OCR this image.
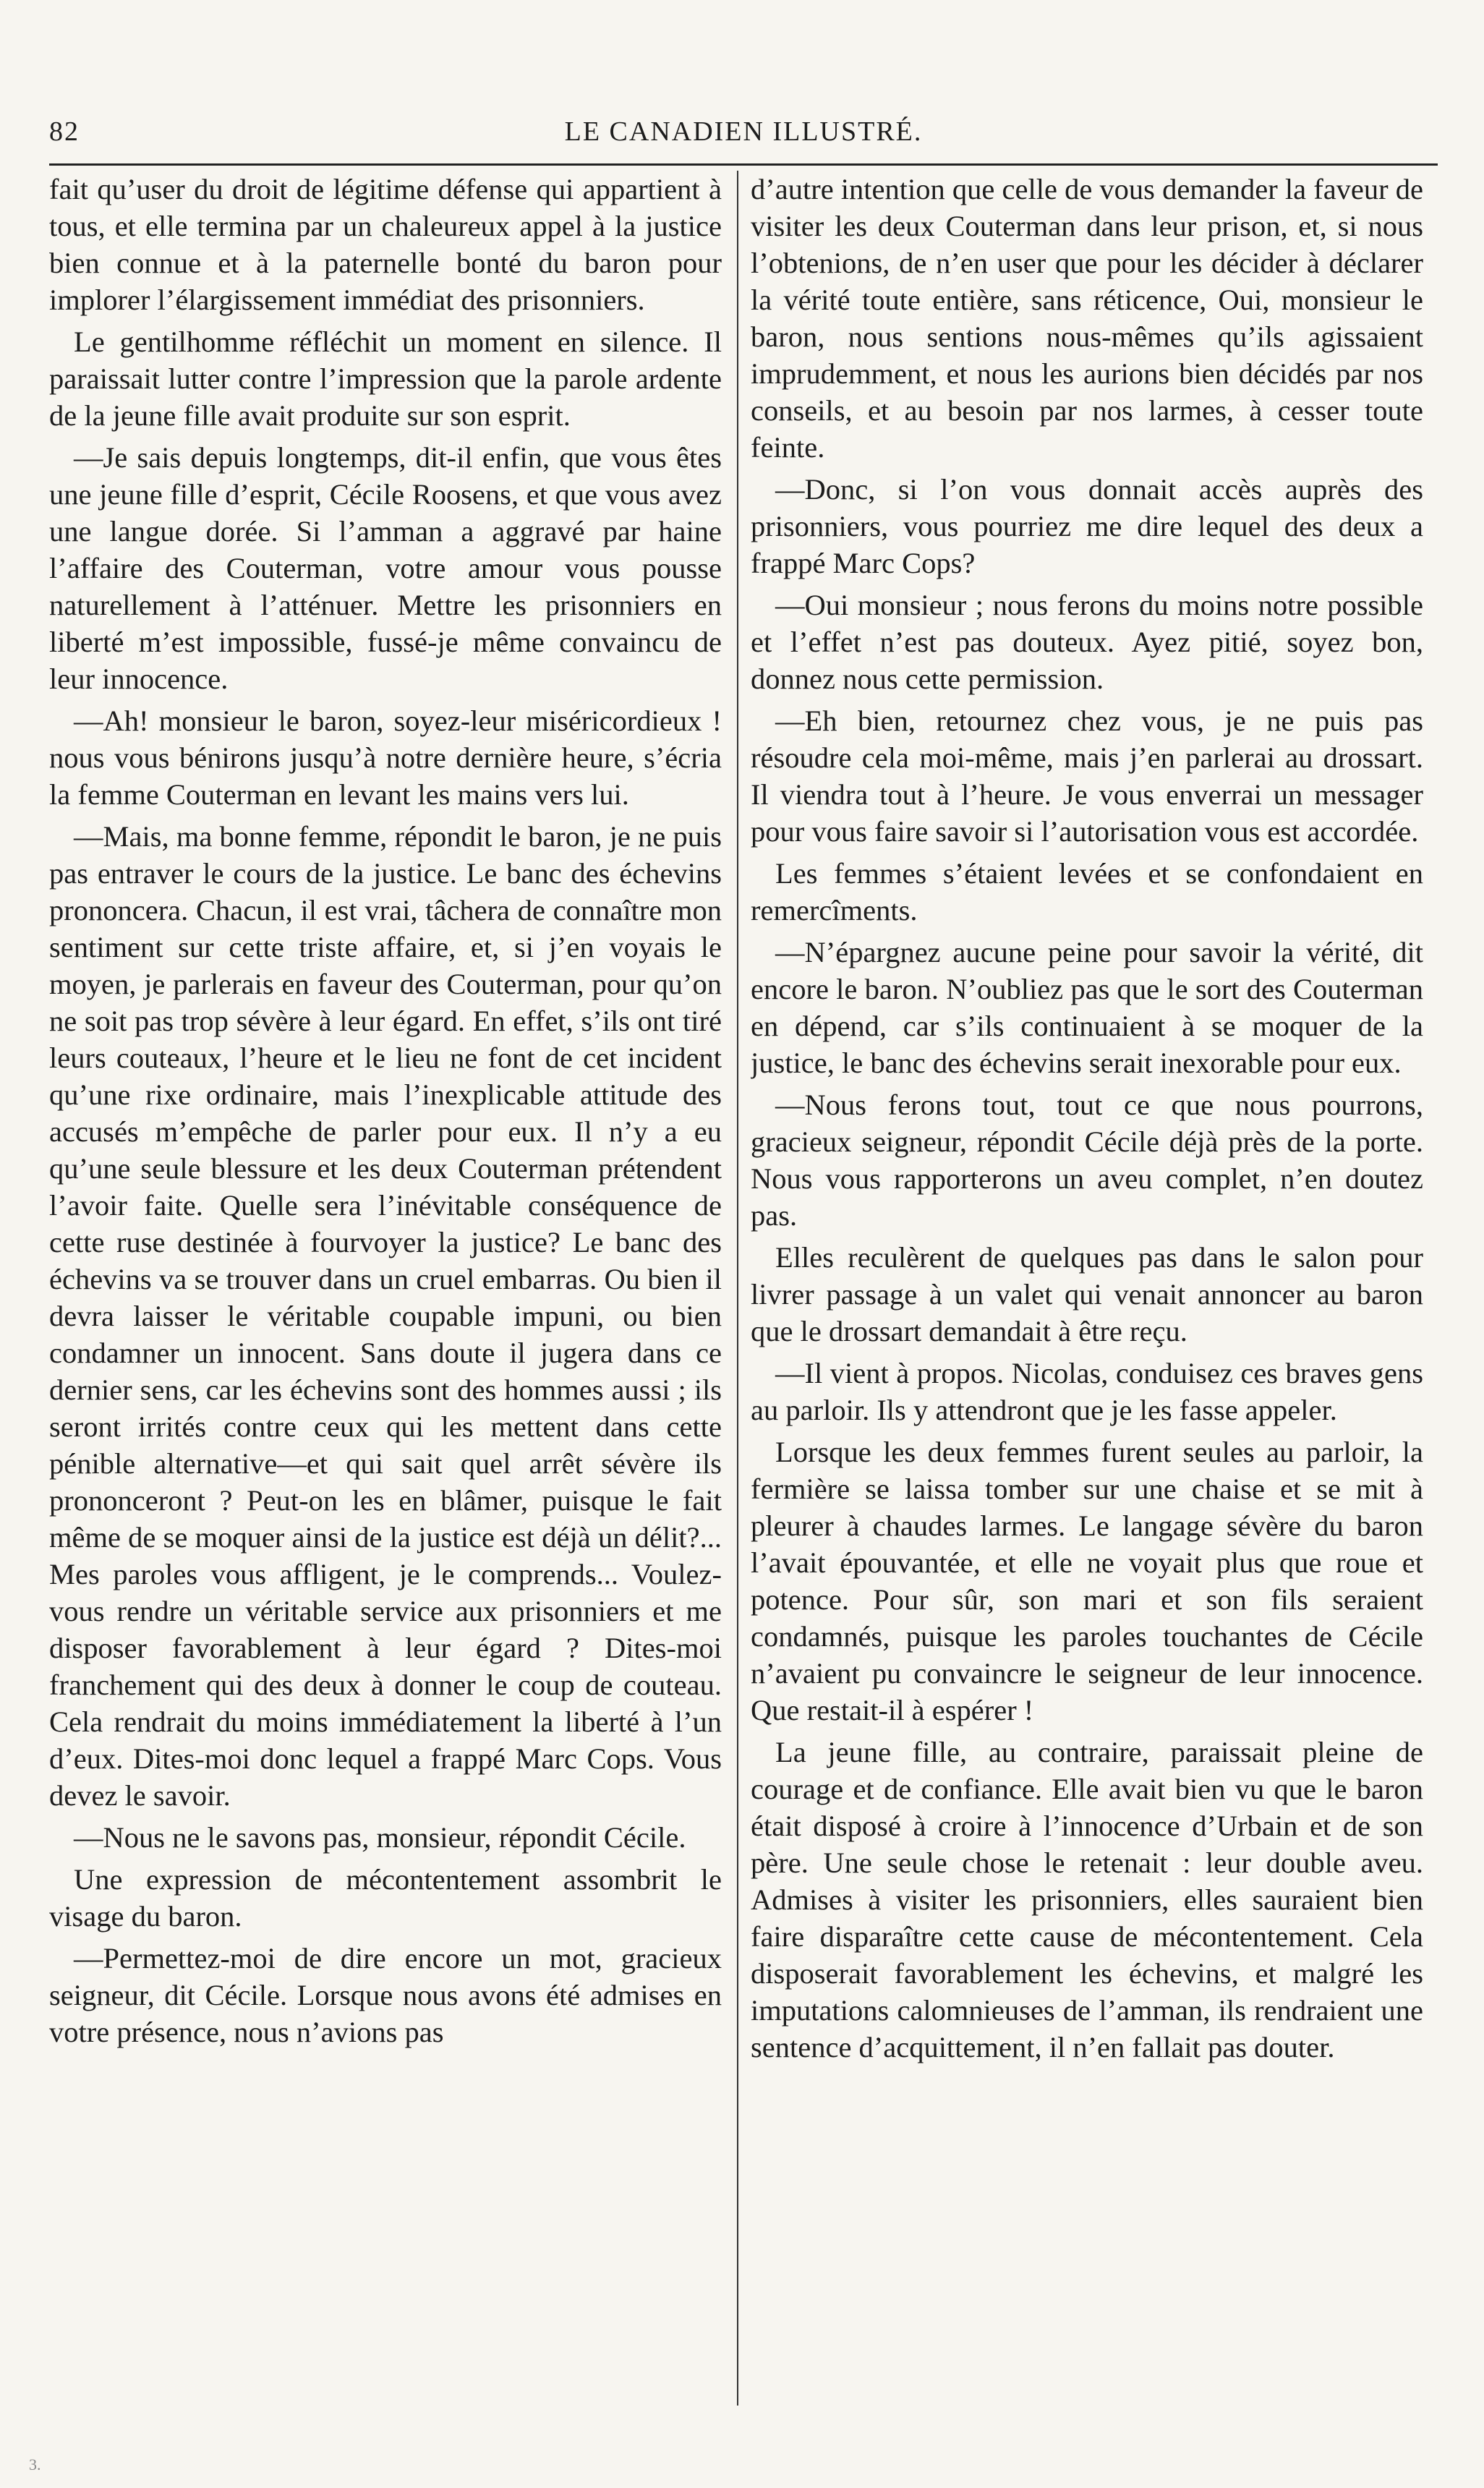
82	LE CANADIEN ILLUSTRÉ.

fait qu’user du droit de légitime défense qui appartient à tous, et elle termina par un chaleureux appel à la justice bien connue et à la paternelle bonté du baron pour implorer l’élargissement immédiat des prisonniers.

Le gentilhomme réfléchit un moment en silence. Il paraissait lutter contre l’impression que la parole ardente de la jeune fille avait produite sur son esprit.

—Je sais depuis longtemps, dit-il enfin, que vous êtes une jeune fille d’esprit, Cécile Roosens, et que vous avez une langue dorée. Si l’amman a aggravé par haine l’affaire des Couterman, votre amour vous pousse naturellement à l’atténuer. Mettre les prisonniers en liberté m’est impossible, fussé-je même convaincu de leur innocence.

—Ah! monsieur le baron, soyez-leur miséricordieux ! nous vous bénirons jusqu’à notre dernière heure, s’écria la femme Couterman en levant les mains vers lui.

—Mais, ma bonne femme, répondit le baron, je ne puis pas entraver le cours de la justice. Le banc des échevins prononcera. Chacun, il est vrai, tâchera de connaître mon sentiment sur cette triste affaire, et, si j’en voyais le moyen, je parlerais en faveur des Couterman, pour qu’on ne soit pas trop sévère à leur égard. En effet, s’ils ont tiré leurs couteaux, l’heure et le lieu ne font de cet incident qu’une rixe ordinaire, mais l’inexplicable attitude des accusés m’empêche de parler pour eux. Il n’y a eu qu’une seule blessure et les deux Couterman prétendent l’avoir faite. Quelle sera l’inévitable conséquence de cette ruse destinée à fourvoyer la justice? Le banc des échevins va se trouver dans un cruel embarras. Ou bien il devra laisser le véritable coupable impuni, ou bien condamner un innocent. Sans doute il jugera dans ce dernier sens, car les échevins sont des hommes aussi ; ils seront irrités contre ceux qui les mettent dans cette pénible alternative—et qui sait quel arrêt sévère ils prononceront ? Peut-on les en blâmer, puisque le fait même de se moquer ainsi de la justice est déjà un délit?... Mes paroles vous affligent, je le comprends... Voulez-vous rendre un véritable service aux prisonniers et me disposer favorablement à leur égard ? Dites-moi franchement qui des deux à donner le coup de couteau. Cela rendrait du moins immédiatement la liberté à l’un d’eux. Dites-moi donc lequel a frappé Marc Cops. Vous devez le savoir.

—Nous ne le savons pas, monsieur, répondit Cécile.

Une expression de mécontentement assombrit le visage du baron.

—Permettez-moi de dire encore un mot, gracieux seigneur, dit Cécile. Lorsque nous avons été admises en votre présence, nous n’avions pas

d’autre intention que celle de vous demander la faveur de visiter les deux Couterman dans leur prison, et, si nous l’obtenions, de n’en user que pour les décider à déclarer la vérité toute entière, sans réticence, Oui, monsieur le baron, nous sentions nous-mêmes qu’ils agissaient imprudemment, et nous les aurions bien décidés par nos conseils, et au besoin par nos larmes, à cesser toute feinte.

—Donc, si l’on vous donnait accès auprès des prisonniers, vous pourriez me dire lequel des deux a frappé Marc Cops?

—Oui monsieur ; nous ferons du moins notre possible et l’effet n’est pas douteux. Ayez pitié, soyez bon, donnez nous cette permission.

—Eh bien, retournez chez vous, je ne puis pas résoudre cela moi-même, mais j’en parlerai au drossart. Il viendra tout à l’heure. Je vous enverrai un messager pour vous faire savoir si l’autorisation vous est accordée.

Les femmes s’étaient levées et se confondaient en remercîments.

—N’épargnez aucune peine pour savoir la vérité, dit encore le baron. N’oubliez pas que le sort des Couterman en dépend, car s’ils continuaient à se moquer de la justice, le banc des échevins serait inexorable pour eux.

—Nous ferons tout, tout ce que nous pourrons, gracieux seigneur, répondit Cécile déjà près de la porte. Nous vous rapporterons un aveu complet, n’en doutez pas.

Elles reculèrent de quelques pas dans le salon pour livrer passage à un valet qui venait annoncer au baron que le drossart demandait à être reçu.

—Il vient à propos. Nicolas, conduisez ces braves gens au parloir. Ils y attendront que je les fasse appeler.

Lorsque les deux femmes furent seules au parloir, la fermière se laissa tomber sur une chaise et se mit à pleurer à chaudes larmes. Le langage sévère du baron l’avait épouvantée, et elle ne voyait plus que roue et potence. Pour sûr, son mari et son fils seraient condamnés, puisque les paroles touchantes de Cécile n’avaient pu convaincre le seigneur de leur innocence. Que restait-il à espérer !

La jeune fille, au contraire, paraissait pleine de courage et de confiance. Elle avait bien vu que le baron était disposé à croire à l’innocence d’Urbain et de son père. Une seule chose le retenait : leur double aveu. Admises à visiter les prisonniers, elles sauraient bien faire disparaître cette cause de mécontentement. Cela disposerait favorablement les échevins, et malgré les imputations calomnieuses de l’amman, ils rendraient une sentence d’acquittement, il n’en fallait pas douter.

3.
